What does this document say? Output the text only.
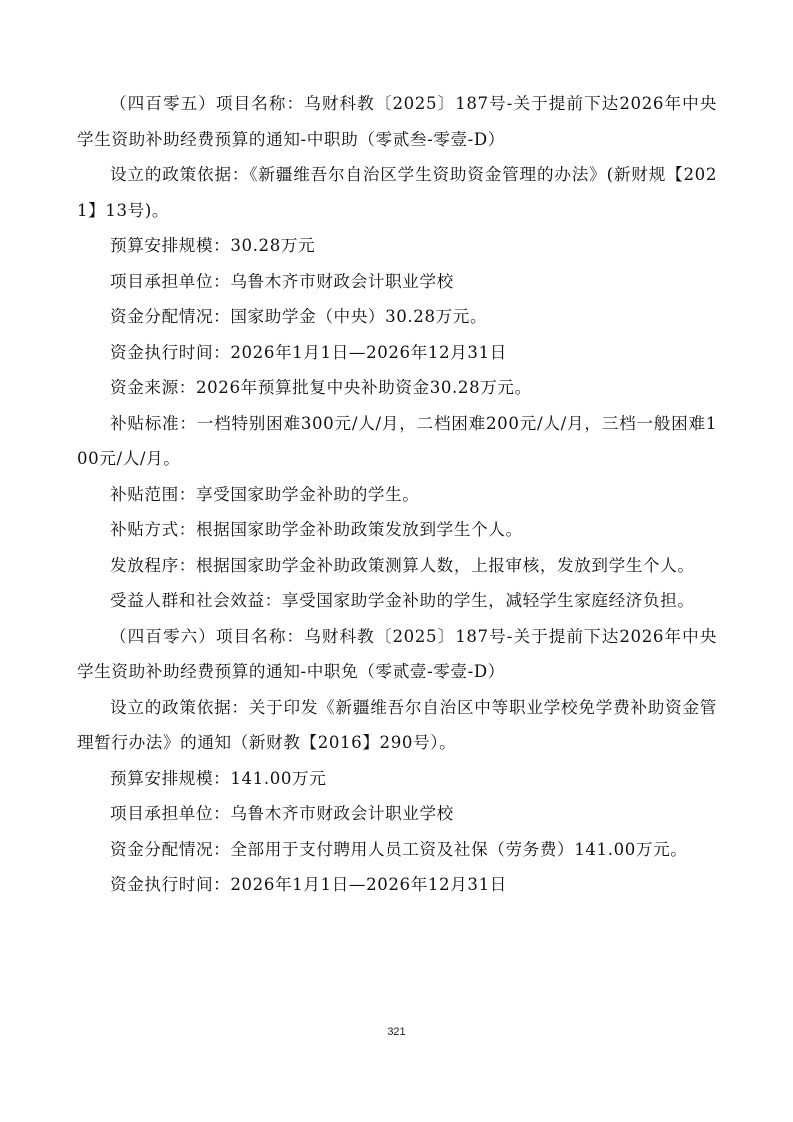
（四百零五）项目名称：乌财科教〔2025〕187号-关于提前下达2026年中央学生资助补助经费预算的通知-中职助（零贰叁-零壹-D）

设立的政策依据：《新疆维吾尔自治区学生资助资金管理的办法》(新财规【2021】13号)。

预算安排规模：30.28万元

项目承担单位：乌鲁木齐市财政会计职业学校

资金分配情况：国家助学金（中央）30.28万元。

资金执行时间：2026年1月1日—2026年12月31日

资金来源：2026年预算批复中央补助资金30.28万元。

补贴标准：一档特别困难300元/人/月，二档困难200元/人/月，三档一般困难100元/人/月。

补贴范围：享受国家助学金补助的学生。

补贴方式：根据国家助学金补助政策发放到学生个人。

发放程序：根据国家助学金补助政策测算人数，上报审核，发放到学生个人。

受益人群和社会效益：享受国家助学金补助的学生，减轻学生家庭经济负担。

（四百零六）项目名称：乌财科教〔2025〕187号-关于提前下达2026年中央学生资助补助经费预算的通知-中职免（零贰壹-零壹-D）

设立的政策依据：关于印发《新疆维吾尔自治区中等职业学校免学费补助资金管理暂行办法》的通知（新财教【2016】290号）。

预算安排规模：141.00万元

项目承担单位：乌鲁木齐市财政会计职业学校

资金分配情况：全部用于支付聘用人员工资及社保（劳务费）141.00万元。

资金执行时间：2026年1月1日—2026年12月31日

321
